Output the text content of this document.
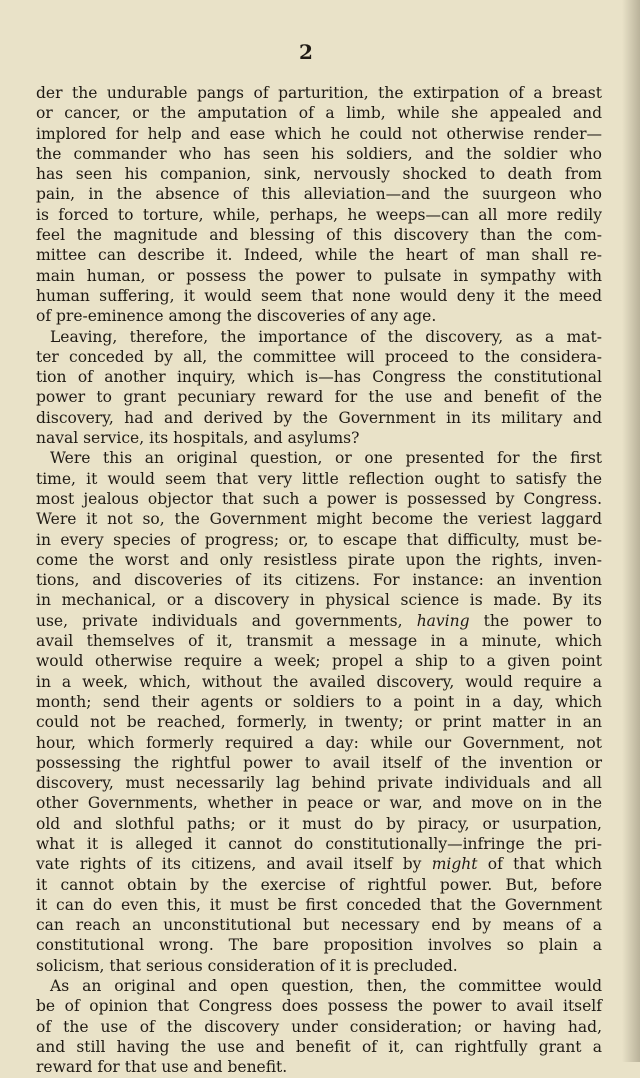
2
der the undurable pangs of parturition, the extirpation of a breast
or cancer, or the amputation of a limb, while she appealed and
implored for help and ease which he could not otherwise render—
the commander who has seen his soldiers, and the soldier who
has seen his companion, sink, nervously shocked to death from
pain, in the absence of this alleviation—and the suurgeon who
is forced to torture, while, perhaps, he weeps—can all more redily
feel the magnitude and blessing of this discovery than the com-
mittee can describe it. Indeed, while the heart of man shall re-
main human, or possess the power to pulsate in sympathy with
human suffering, it would seem that none would deny it the meed
of pre-eminence among the discoveries of any age.
Leaving, therefore, the importance of the discovery, as a mat-
ter conceded by all, the committee will proceed to the considera-
tion of another inquiry, which is—has Congress the constitutional
power to grant pecuniary reward for the use and benefit of the
discovery, had and derived by the Government in its military and
naval service, its hospitals, and asylums?
Were this an original question, or one presented for the first
time, it would seem that very little reflection ought to satisfy the
most jealous objector that such a power is possessed by Congress.
Were it not so, the Government might become the veriest laggard
in every species of progress; or, to escape that difficulty, must be-
come the worst and only resistless pirate upon the rights, inven-
tions, and discoveries of its citizens. For instance: an invention
in mechanical, or a discovery in physical science is made. By its
use, private individuals and governments, having the power to
avail themselves of it, transmit a message in a minute, which
would otherwise require a week; propel a ship to a given point
in a week, which, without the availed discovery, would require a
month; send their agents or soldiers to a point in a day, which
could not be reached, formerly, in twenty; or print matter in an
hour, which formerly required a day: while our Government, not
possessing the rightful power to avail itself of the invention or
discovery, must necessarily lag behind private individuals and all
other Governments, whether in peace or war, and move on in the
old and slothful paths; or it must do by piracy, or usurpation,
what it is alleged it cannot do constitutionally—infringe the pri-
vate rights of its citizens, and avail itself by might of that which
it cannot obtain by the exercise of rightful power. But, before
it can do even this, it must be first conceded that the Government
can reach an unconstitutional but necessary end by means of a
constitutional wrong. The bare proposition involves so plain a
solicism, that serious consideration of it is precluded.
As an original and open question, then, the committee would
be of opinion that Congress does possess the power to avail itself
of the use of the discovery under consideration; or having had,
and still having the use and benefit of it, can rightfully grant a
reward for that use and benefit.
